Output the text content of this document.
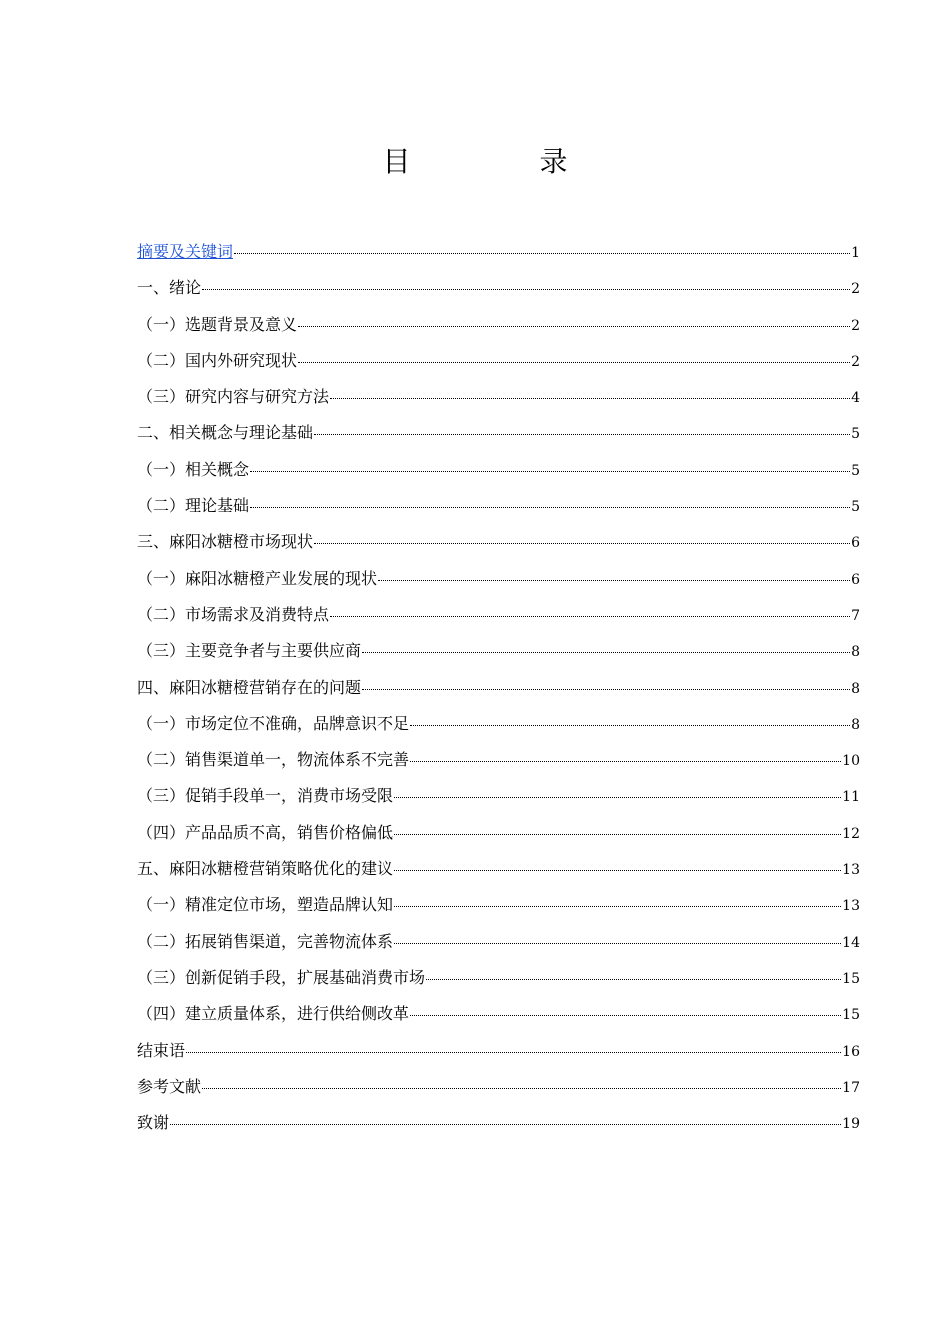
目 录
摘要及关键词	1
一、绪论	2
（一）选题背景及意义	2
（二）国内外研究现状	2
（三）研究内容与研究方法	4
二、相关概念与理论基础	5
（一）相关概念	5
（二）理论基础	5
三、麻阳冰糖橙市场现状	6
（一）麻阳冰糖橙产业发展的现状	6
（二）市场需求及消费特点	7
（三）主要竞争者与主要供应商	8
四、麻阳冰糖橙营销存在的问题	8
（一）市场定位不准确，品牌意识不足	8
（二）销售渠道单一，物流体系不完善	10
（三）促销手段单一，消费市场受限	11
（四）产品品质不高，销售价格偏低	12
五、麻阳冰糖橙营销策略优化的建议	13
（一）精准定位市场，塑造品牌认知	13
（二）拓展销售渠道，完善物流体系	14
（三）创新促销手段，扩展基础消费市场	15
（四）建立质量体系，进行供给侧改革	15
结束语	16
参考文献	17
致谢	19
